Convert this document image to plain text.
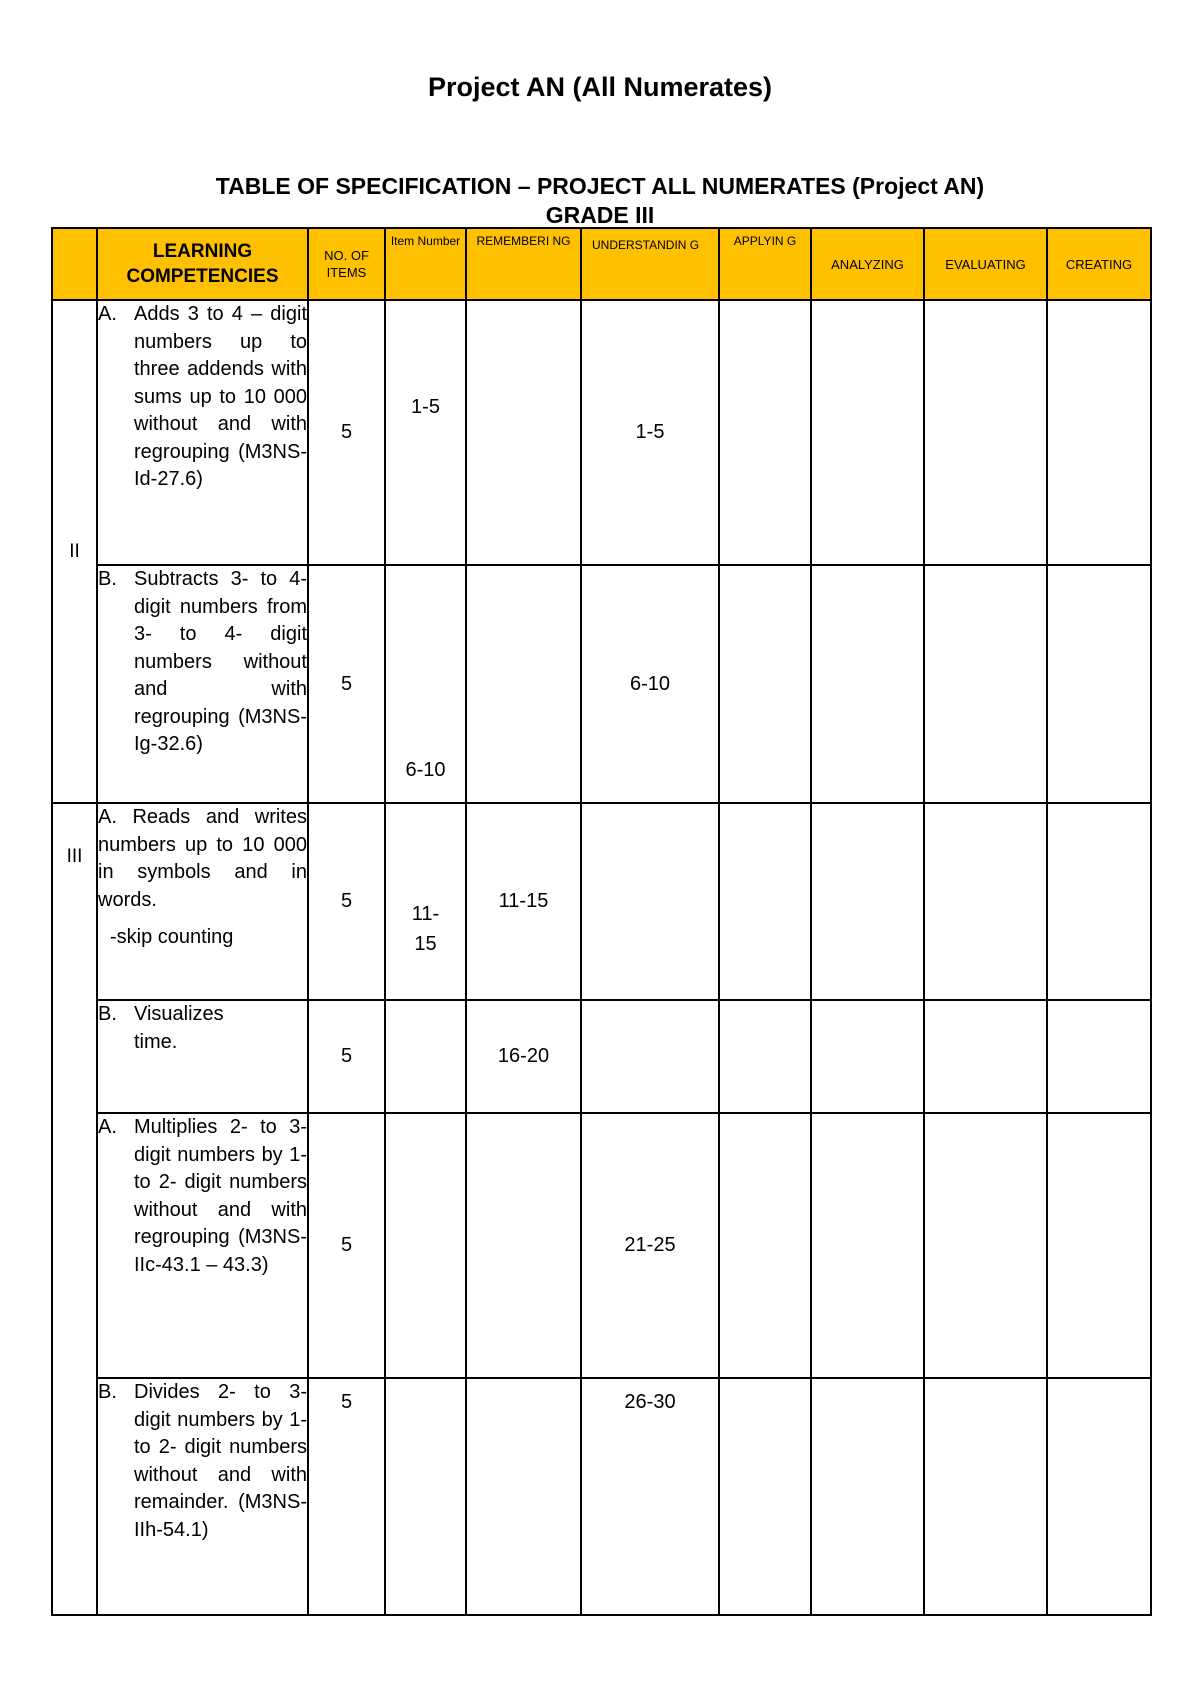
Project AN (All Numerates)
TABLE OF SPECIFICATION – PROJECT ALL NUMERATES (Project AN)
GRADE III
	LEARNING COMPETENCIES	NO. OF ITEMS	Item Number	REMEMBERI NG	UNDERSTANDIN G	APPLYIN G	ANALYZING	EVALUATING	CREATING
II	A. Adds 3 to 4 – digit numbers up to three addends with sums up to 10 000 without and with regrouping (M3NS-Id-27.6)	5	1-5		1-5				

	B. Subtracts 3- to 4- digit numbers from 3- to 4- digit numbers without and with regrouping (M3NS-Ig-32.6)	5	6-10		6-10				
III	A. Reads and writes numbers up to 10 000 in symbols and in words.
-skip counting	5	11-15	11-15					

	B. Visualizes time.	5		16-20					

	A. Multiplies 2- to 3- digit numbers by 1- to 2- digit numbers without and with regrouping (M3NS-IIc-43.1 – 43.3)	5			21-25				

	B. Divides 2- to 3- digit numbers by 1- to 2- digit numbers without and with remainder. (M3NS-IIh-54.1)	5			26-30				
